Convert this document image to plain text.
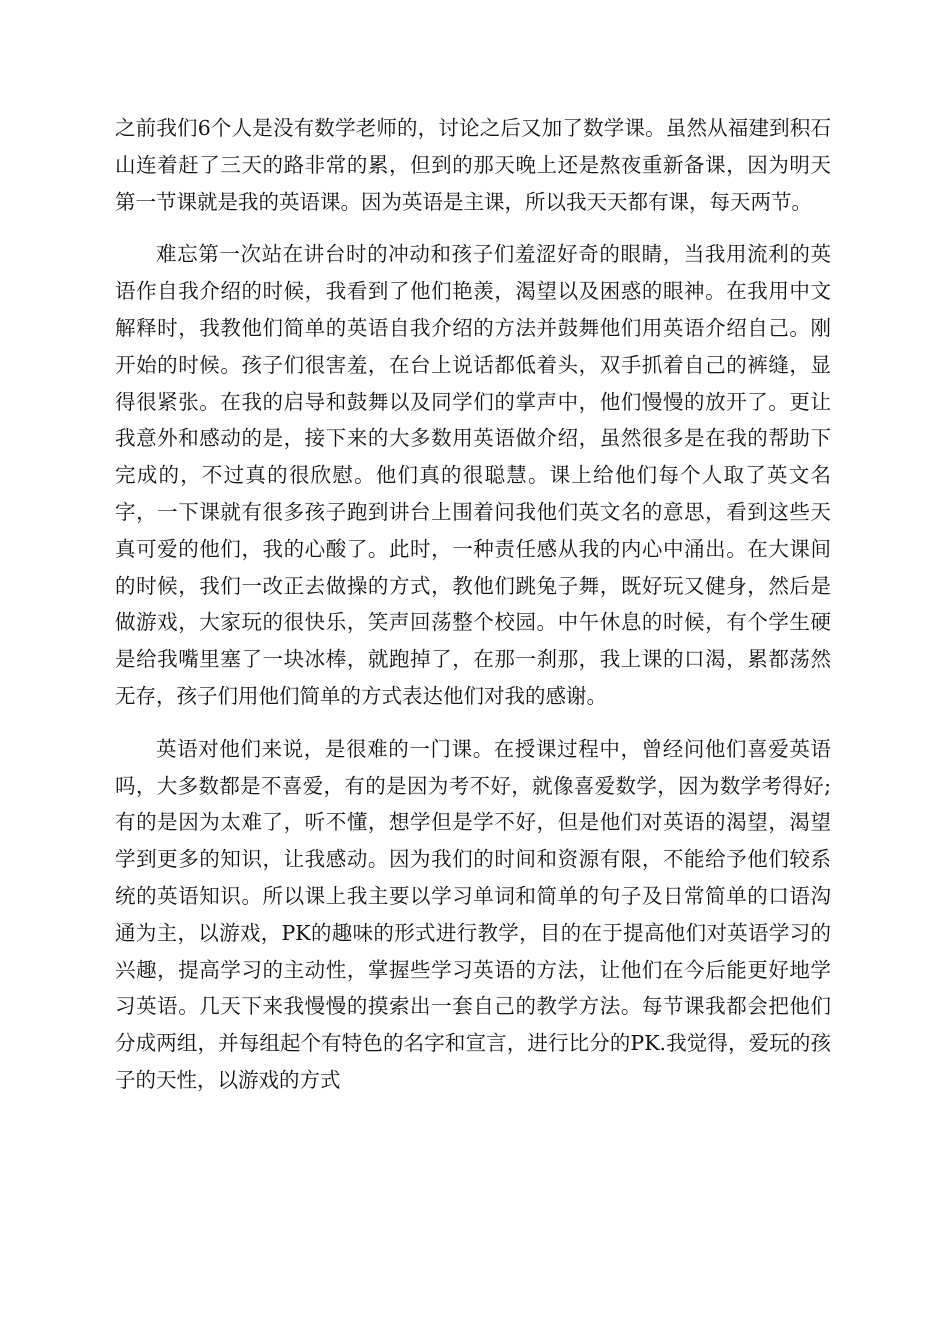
之前我们6个人是没有数学老师的，讨论之后又加了数学课。虽然从福建到积石山连着赶了三天的路非常的累，但到的那天晚上还是熬夜重新备课，因为明天第一节课就是我的英语课。因为英语是主课，所以我天天都有课，每天两节。

难忘第一次站在讲台时的冲动和孩子们羞涩好奇的眼睛，当我用流利的英语作自我介绍的时候，我看到了他们艳羡，渴望以及困惑的眼神。在我用中文解释时，我教他们简单的英语自我介绍的方法并鼓舞他们用英语介绍自己。刚开始的时候。孩子们很害羞，在台上说话都低着头，双手抓着自己的裤缝，显得很紧张。在我的启导和鼓舞以及同学们的掌声中，他们慢慢的放开了。更让我意外和感动的是，接下来的大多数用英语做介绍，虽然很多是在我的帮助下完成的，不过真的很欣慰。他们真的很聪慧。课上给他们每个人取了英文名字，一下课就有很多孩子跑到讲台上围着问我他们英文名的意思，看到这些天真可爱的他们，我的心酸了。此时，一种责任感从我的内心中涌出。在大课间的时候，我们一改正去做操的方式，教他们跳兔子舞，既好玩又健身，然后是做游戏，大家玩的很快乐，笑声回荡整个校园。中午休息的时候，有个学生硬是给我嘴里塞了一块冰棒，就跑掉了，在那一刹那，我上课的口渴，累都荡然无存，孩子们用他们简单的方式表达他们对我的感谢。

英语对他们来说，是很难的一门课。在授课过程中，曾经问他们喜爱英语吗，大多数都是不喜爱，有的是因为考不好，就像喜爱数学，因为数学考得好;有的是因为太难了，听不懂，想学但是学不好，但是他们对英语的渴望，渴望学到更多的知识，让我感动。因为我们的时间和资源有限，不能给予他们较系统的英语知识。所以课上我主要以学习单词和简单的句子及日常简单的口语沟通为主，以游戏，PK的趣味的形式进行教学，目的在于提高他们对英语学习的兴趣，提高学习的主动性，掌握些学习英语的方法，让他们在今后能更好地学习英语。几天下来我慢慢的摸索出一套自己的教学方法。每节课我都会把他们分成两组，并每组起个有特色的名字和宣言，进行比分的PK.我觉得，爱玩的孩子的天性，以游戏的方式
